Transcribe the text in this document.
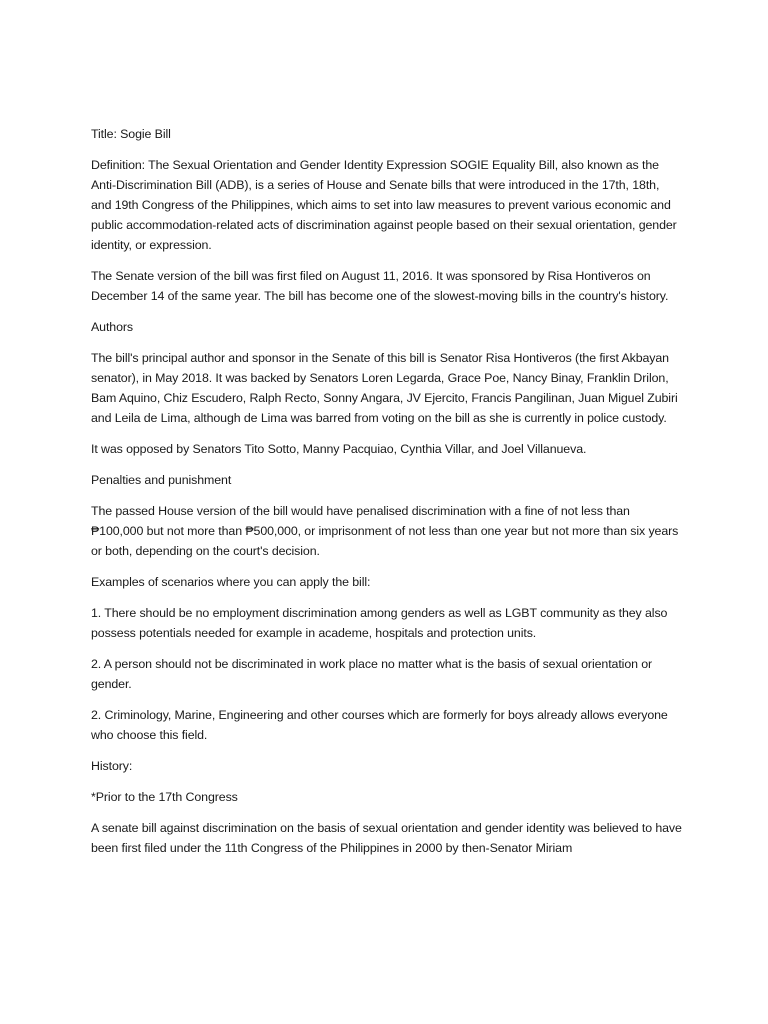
Title: Sogie Bill

Definition: The Sexual Orientation and Gender Identity Expression SOGIE Equality Bill, also known as the Anti-Discrimination Bill (ADB), is a series of House and Senate bills that were introduced in the 17th, 18th, and 19th Congress of the Philippines, which aims to set into law measures to prevent various economic and public accommodation-related acts of discrimination against people based on their sexual orientation, gender identity, or expression.

The Senate version of the bill was first filed on August 11, 2016. It was sponsored by Risa Hontiveros on December 14 of the same year. The bill has become one of the slowest-moving bills in the country's history.

Authors

The bill's principal author and sponsor in the Senate of this bill is Senator Risa Hontiveros (the first Akbayan senator), in May 2018. It was backed by Senators Loren Legarda, Grace Poe, Nancy Binay, Franklin Drilon, Bam Aquino, Chiz Escudero, Ralph Recto, Sonny Angara, JV Ejercito, Francis Pangilinan, Juan Miguel Zubiri and Leila de Lima, although de Lima was barred from voting on the bill as she is currently in police custody.

It was opposed by Senators Tito Sotto, Manny Pacquiao, Cynthia Villar, and Joel Villanueva.

Penalties and punishment

The passed House version of the bill would have penalised discrimination with a fine of not less than ₱100,000 but not more than ₱500,000, or imprisonment of not less than one year but not more than six years or both, depending on the court's decision.

Examples of scenarios where you can apply the bill:

1. There should be no employment discrimination among genders as well as LGBT community as they also possess potentials needed for example in academe, hospitals and protection units.

2. A person should not be discriminated in work place no matter what is the basis of sexual orientation or gender.

2. Criminology, Marine, Engineering and other courses which are formerly for boys already allows everyone who choose this field.

History:

*Prior to the 17th Congress

A senate bill against discrimination on the basis of sexual orientation and gender identity was believed to have been first filed under the 11th Congress of the Philippines in 2000 by then-Senator Miriam
